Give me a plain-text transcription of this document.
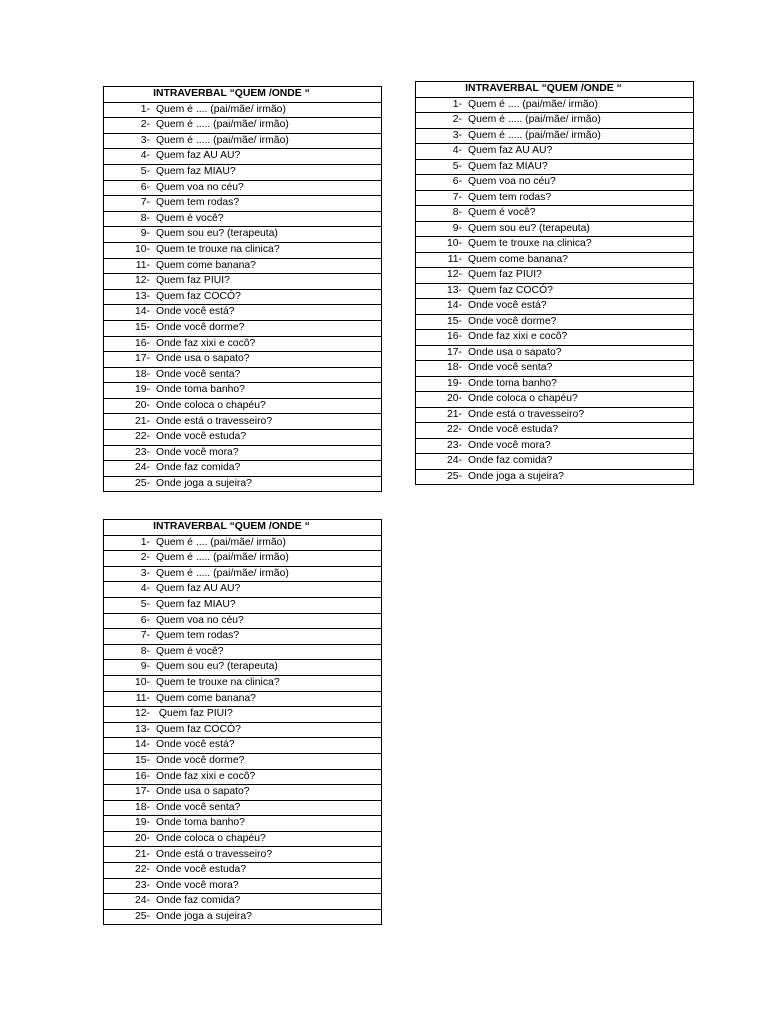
INTRAVERBAL “QUEM /ONDE “
1- Quem é .... (pai/mãe/ irmão)
2- Quem é ..... (pai/mãe/ irmão)
3- Quem é ..... (pai/mãe/ irmão)
4- Quem faz AU AU?
5- Quem faz MIAU?
6- Quem voa no céu?
7- Quem tem rodas?
8- Quem é você?
9- Quem sou eu? (terapeuta)
10- Quem te trouxe na clinica?
11- Quem come banana?
12- Quem faz PIUI?
13- Quem faz COCÓ?
14- Onde você está?
15- Onde você dorme?
16- Onde faz xixi e cocô?
17- Onde usa o sapato?
18- Onde você senta?
19- Onde toma banho?
20- Onde coloca o chapéu?
21- Onde está o travesseiro?
22- Onde você estuda?
23- Onde você mora?
24- Onde faz comida?
25- Onde joga a sujeira?
INTRAVERBAL “QUEM /ONDE “
1- Quem é .... (pai/mãe/ irmão)
2- Quem é ..... (pai/mãe/ irmão)
3- Quem é ..... (pai/mãe/ irmão)
4- Quem faz AU AU?
5- Quem faz MIAU?
6- Quem voa no céu?
7- Quem tem rodas?
8- Quem é você?
9- Quem sou eu? (terapeuta)
10- Quem te trouxe na clinica?
11- Quem come banana?
12- Quem faz PIUI?
13- Quem faz COCÓ?
14- Onde você está?
15- Onde você dorme?
16- Onde faz xixi e cocô?
17- Onde usa o sapato?
18- Onde você senta?
19- Onde toma banho?
20- Onde coloca o chapéu?
21- Onde está o travesseiro?
22- Onde você estuda?
23- Onde você mora?
24- Onde faz comida?
25- Onde joga a sujeira?
INTRAVERBAL “QUEM /ONDE “
1- Quem é .... (pai/mãe/ irmão)
2- Quem é ..... (pai/mãe/ irmão)
3- Quem é ..... (pai/mãe/ irmão)
4- Quem faz AU AU?
5- Quem faz MIAU?
6- Quem voa no céu?
7- Quem tem rodas?
8- Quem é você?
9- Quem sou eu? (terapeuta)
10- Quem te trouxe na clinica?
11- Quem come banana?
12- Quem faz PIUI?
13- Quem faz COCÓ?
14- Onde você está?
15- Onde você dorme?
16- Onde faz xixi e cocô?
17- Onde usa o sapato?
18- Onde você senta?
19- Onde toma banho?
20- Onde coloca o chapéu?
21- Onde está o travesseiro?
22- Onde você estuda?
23- Onde você mora?
24- Onde faz comida?
25- Onde joga a sujeira?
